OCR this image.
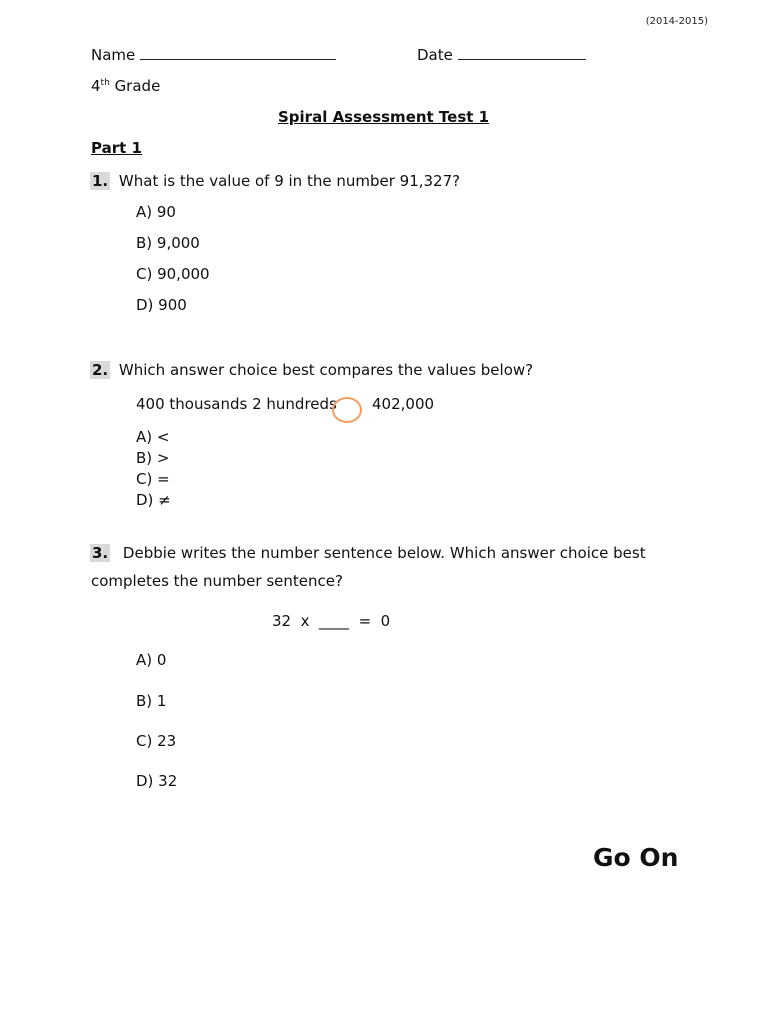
(2014-2015)
Name	Date
4th Grade
Spiral Assessment Test 1
Part 1
1. What is the value of 9 in the number 91,327?
A) 90
B) 9,000
C) 90,000
D) 900
2. Which answer choice best compares the values below?
400 thousands 2 hundreds 402,000
A) <
B) >
C) =
D) ≠
3. Debbie writes the number sentence below. Which answer choice best
completes the number sentence?
32  x  ____  =  0
A) 0
B) 1
C) 23
D) 32
Go On
